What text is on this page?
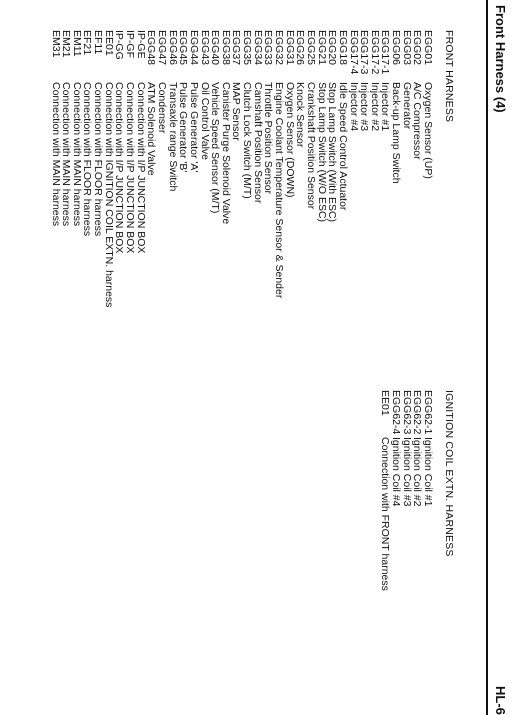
Front Harness (4)
HL-6
FRONT HARNESS
EGG01Oxygen Sensor (UP)
EGG02A/C Compressor
EGG03Generator
EGG06Back-up Lamp Switch
EGG17-1Injector #1
EGG17-2Injector #2
EGG17-3Injector #3
EGG17-4Injector #4
EGG18Idle Speed Control Actuator
EGG20Stop Lamp Switch (With ESC)
EGG21Stop Lamp Switch (W/O ESC)
EGG25Crankshaft Position Sensor
EGG26Knock Sensor
EGG31Oxygen Sensor (DOWN)
EGG32Engine Coolant Temperature Sensor & Sender
EGG33Throttle Position Sensor
EGG34Camshaft Position Sensor
EGG35Clutch Lock Switch (M/T)
EGG37MAP Sensor
EGG38Canister Purge Solenoid Valve
EGG40Vehicle Speed Sensor (M/T)
EGG43Oil Control Valve
EGG44Pulse Generator 'A'
EGG45Pulse Generator 'B'
EGG46Transaxle range Switch
EGG47Condenser
EGG48ATM Solenoid Valve
IP-GEConnection with I/P JUNCTION BOX
IP-GFConnection with I/P JUNCTION BOX
IP-GGConnection with I/P JUNCTION BOX
EE01Connection with IGNITION COIL EXTN. harness
EF11Connection with FLOOR harness
EF21Connection with FLOOR harness
EM11Connection with MAIN harness
EM21Connection with MAIN harness
EM31Connection with MAIN harness
IGNITION COIL EXTN. HARNESS
EGG62-1Ignition Coil #1
EGG62-2Ignition Coil #2
EGG62-3Ignition Coil #3
EGG62-4Ignition Coil #4
EE01Connection with FRONT harness
